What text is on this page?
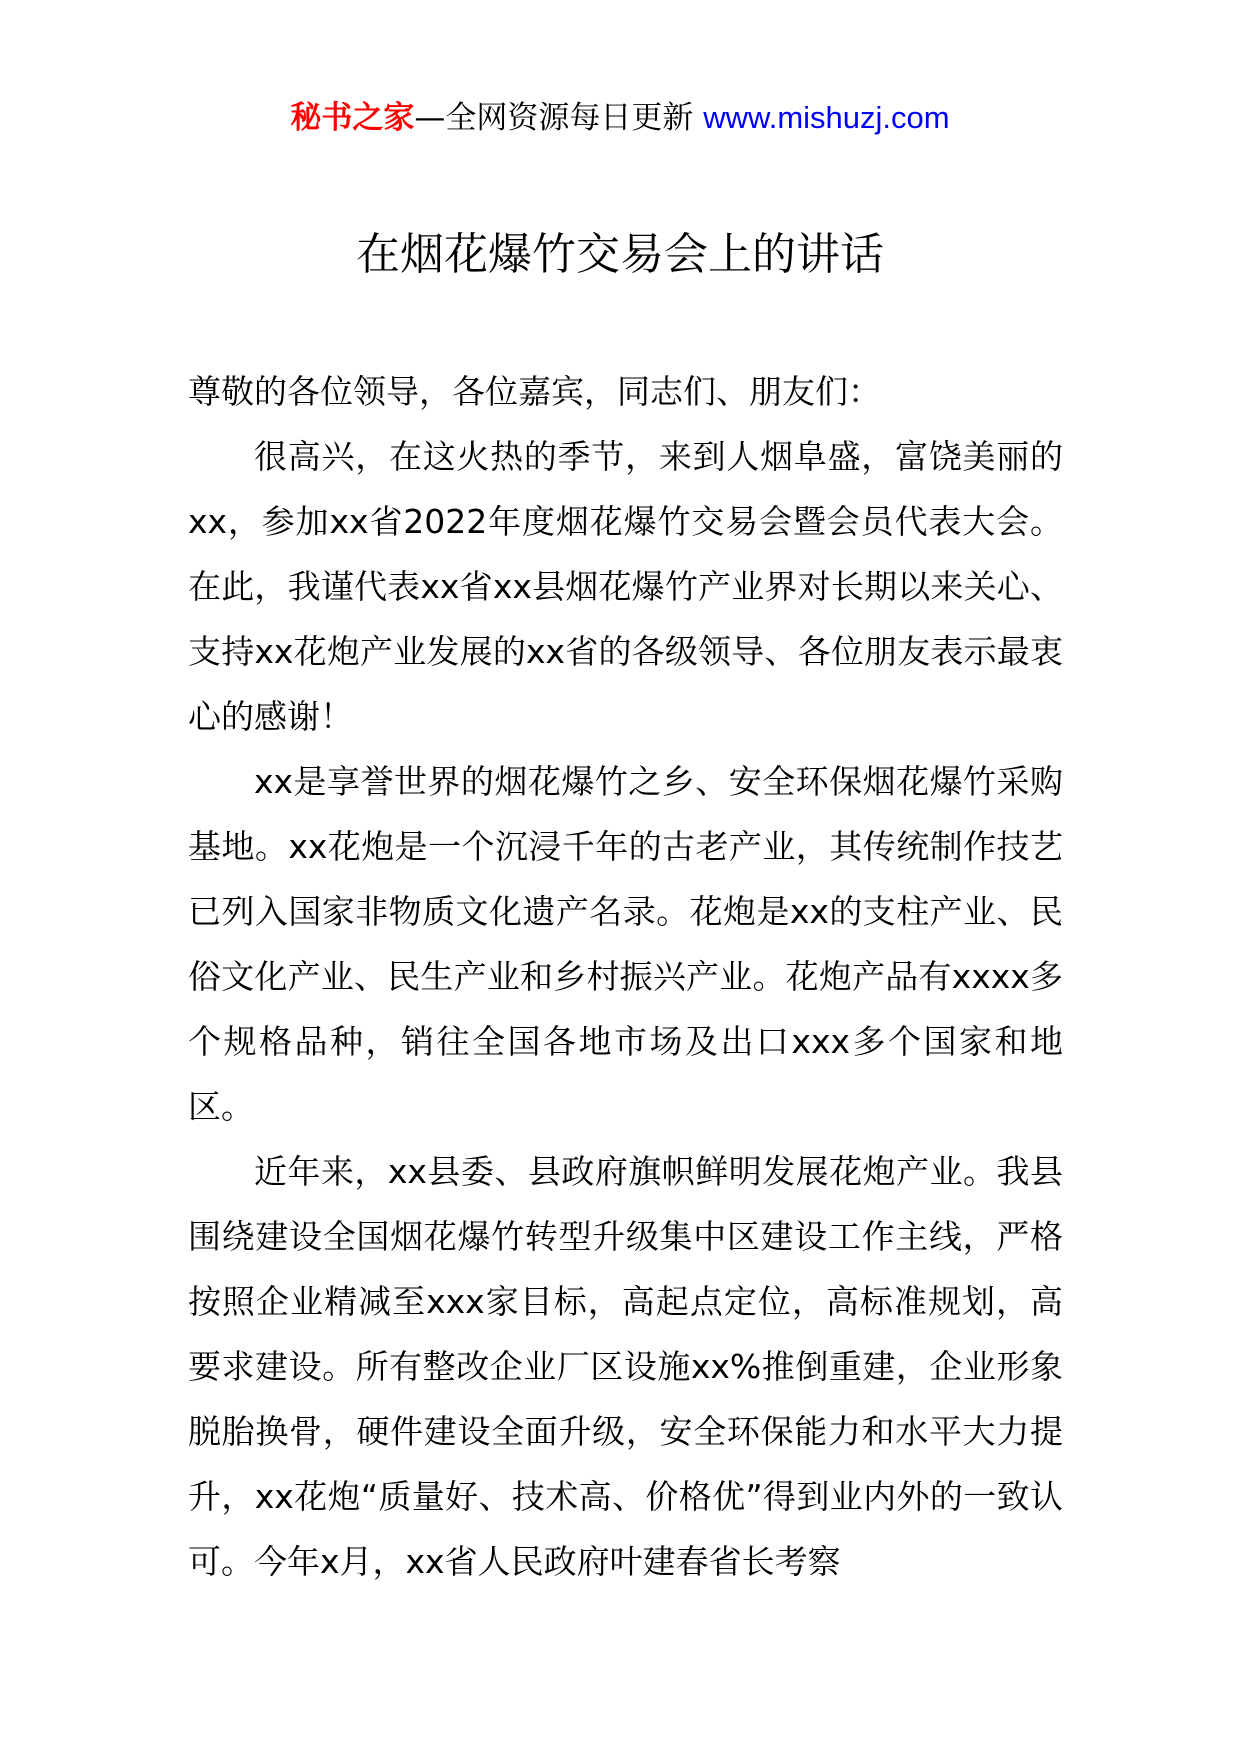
秘书之家—全网资源每日更新 www.mishuzj.com
在烟花爆竹交易会上的讲话

尊敬的各位领导，各位嘉宾，同志们、朋友们：

很高兴，在这火热的季节，来到人烟阜盛，富饶美丽的xx，参加xx省2022年度烟花爆竹交易会暨会员代表大会。在此，我谨代表xx省xx县烟花爆竹产业界对长期以来关心、支持xx花炮产业发展的xx省的各级领导、各位朋友表示最衷心的感谢！

xx是享誉世界的烟花爆竹之乡、安全环保烟花爆竹采购基地。xx花炮是一个沉浸千年的古老产业，其传统制作技艺已列入国家非物质文化遗产名录。花炮是xx的支柱产业、民俗文化产业、民生产业和乡村振兴产业。花炮产品有xxxx多个规格品种，销往全国各地市场及出口xxx多个国家和地区。

近年来，xx县委、县政府旗帜鲜明发展花炮产业。我县围绕建设全国烟花爆竹转型升级集中区建设工作主线，严格按照企业精减至xxx家目标，高起点定位，高标准规划，高要求建设。所有整改企业厂区设施xx%推倒重建，企业形象脱胎换骨，硬件建设全面升级，安全环保能力和水平大力提升，xx花炮“质量好、技术高、价格优”得到业内外的一致认可。今年x月，xx省人民政府叶建春省长考察
